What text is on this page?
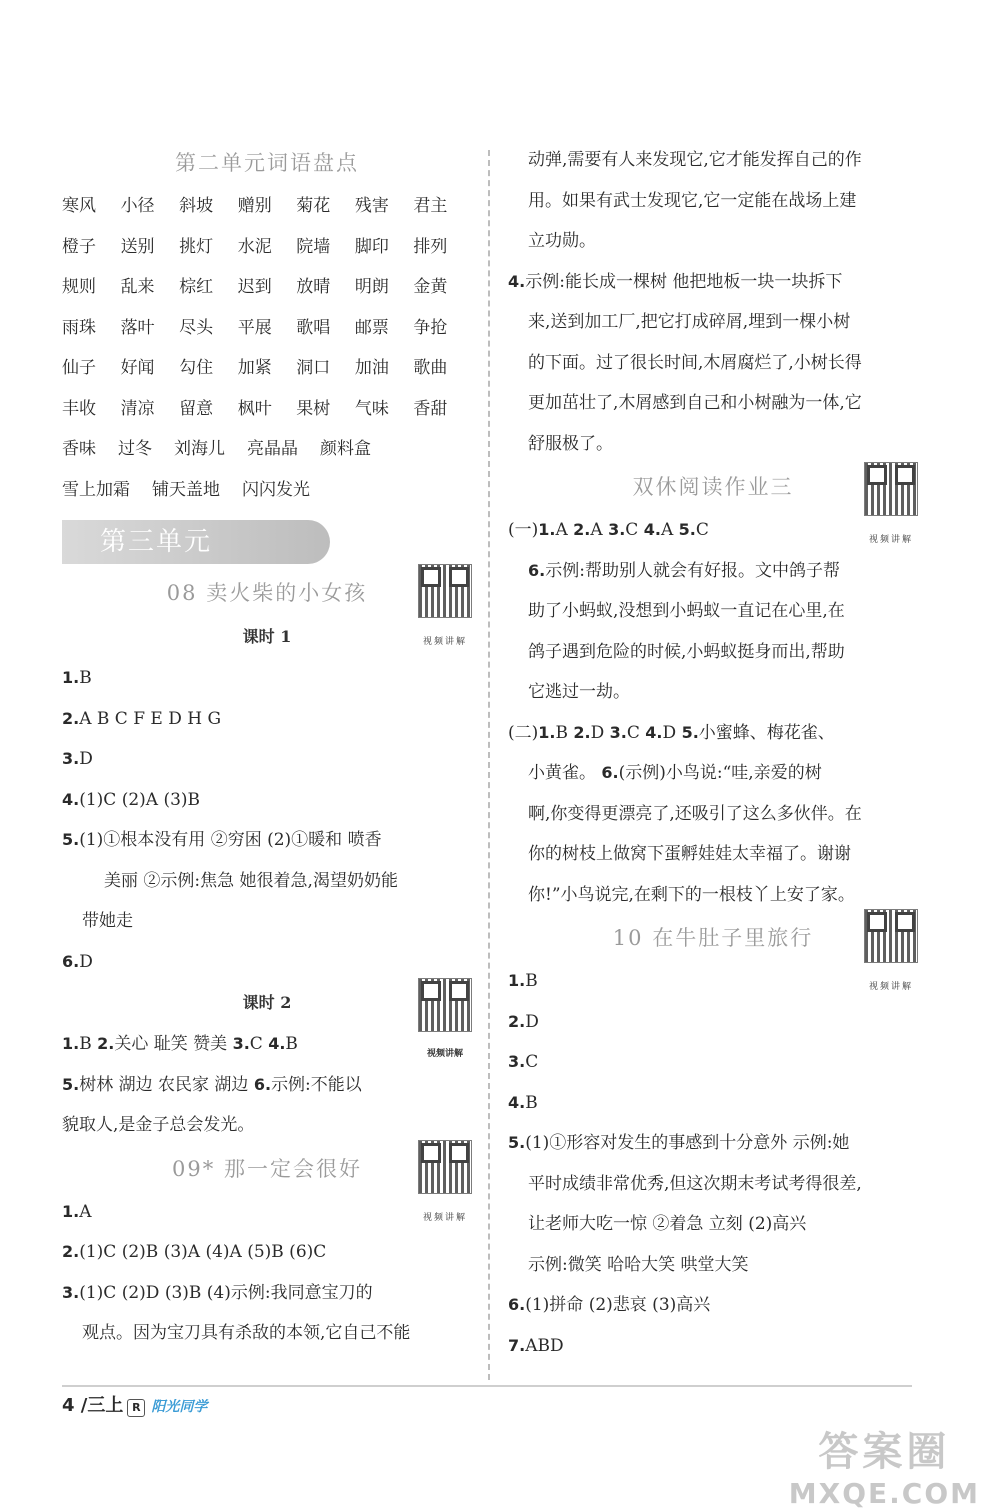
第二单元词语盘点
寒风	小径	斜坡	赠别	菊花	残害	君主
橙子	送别	挑灯	水泥	院墙	脚印	排列
规则	乱来	棕红	迟到	放晴	明朗	金黄
雨珠	落叶	尽头	平展	歌唱	邮票	争抢
仙子	好闻	勾住	加紧	洞口	加油	歌曲
丰收	清凉	留意	枫叶	果树	气味	香甜
香味 过冬 刘海儿 亮晶晶 颜料盒
雪上加霜 铺天盖地 闪闪发光
第三单元
08 卖火柴的小女孩
视频讲解
课时 1
1.B
2.A B C F E D H G
3.D
4.(1)C (2)A (3)B
5.(1)①根本没有用 ②穷困 (2)①暖和 喷香
美丽 ②示例:焦急 她很着急,渴望奶奶能
带她走
6.D
课时 2
视频讲解
1.B 2.关心 耻笑 赞美 3.C 4.B
5.树林 湖边 农民家 湖边 6.示例:不能以
貌取人,是金子总会发光。
09* 那一定会很好
视频讲解
1.A
2.(1)C (2)B (3)A (4)A (5)B (6)C
3.(1)C (2)D (3)B (4)示例:我同意宝刀的
观点。因为宝刀具有杀敌的本领,它自己不能
动弹,需要有人来发现它,它才能发挥自己的作
用。如果有武士发现它,它一定能在战场上建
立功勋。
4.示例:能长成一棵树 他把地板一块一块拆下
来,送到加工厂,把它打成碎屑,埋到一棵小树
的下面。过了很长时间,木屑腐烂了,小树长得
更加茁壮了,木屑感到自己和小树融为一体,它
舒服极了。
双休阅读作业三
视频讲解
(一)1.A 2.A 3.C 4.A 5.C
6.示例:帮助别人就会有好报。文中鸽子帮
助了小蚂蚁,没想到小蚂蚁一直记在心里,在
鸽子遇到危险的时候,小蚂蚁挺身而出,帮助
它逃过一劫。
(二)1.B 2.D 3.C 4.D 5.小蜜蜂、梅花雀、
小黄雀。 6.(示例)小鸟说:“哇,亲爱的树
啊,你变得更漂亮了,还吸引了这么多伙伴。在
你的树枝上做窝下蛋孵娃娃太幸福了。谢谢
你!”小鸟说完,在剩下的一根枝丫上安了家。
10 在牛肚子里旅行
视频讲解
1.B
2.D
3.C
4.B
5.(1)①形容对发生的事感到十分意外 示例:她
平时成绩非常优秀,但这次期末考试考得很差,
让老师大吃一惊 ②着急 立刻 (2)高兴
示例:微笑 哈哈大笑 哄堂大笑
6.(1)拼命 (2)悲哀 (3)高兴
7.ABD
4 /三上 R 阳光同学
答案圈
MXQE.COM
